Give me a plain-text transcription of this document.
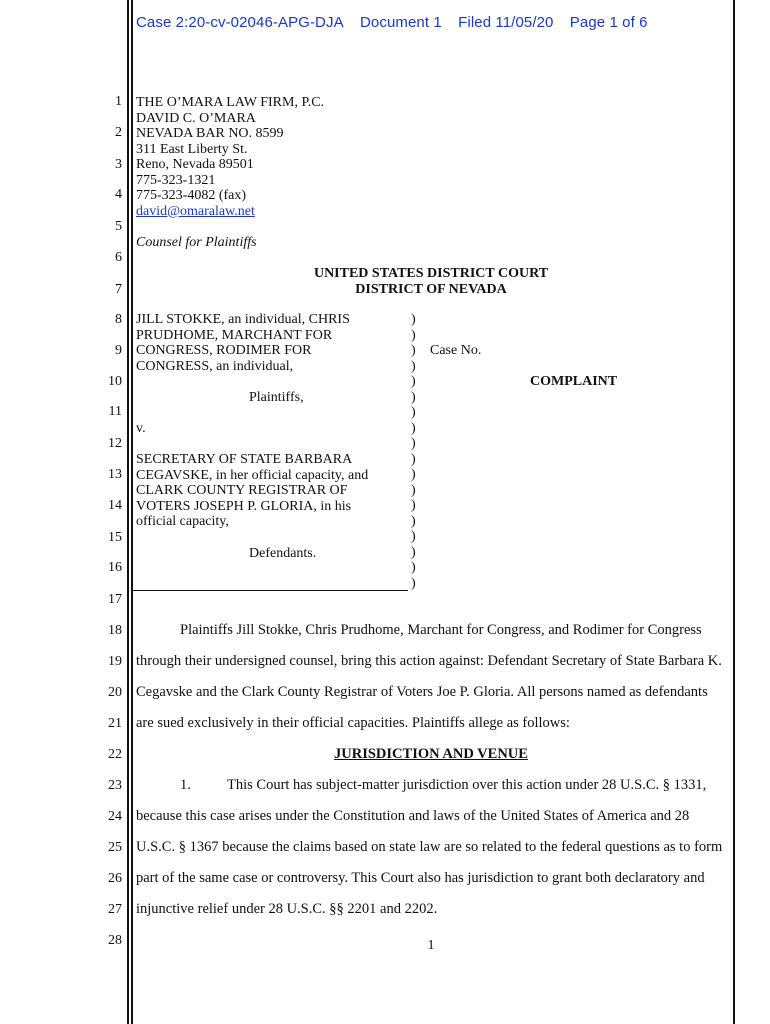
Case 2:20-cv-02046-APG-DJA Document 1 Filed 11/05/20 Page 1 of 6
1
2
3
4
5
6
7
8
9
10
11
12
13
14
15
16
17
18
19
20
21
22
23
24
25
26
27
28
THE O’MARA LAW FIRM, P.C.
DAVID C. O’MARA
NEVADA BAR NO. 8599
311 East Liberty St.
Reno, Nevada 89501
775-323-1321
775-323-4082 (fax)
david@omaralaw.net
Counsel for Plaintiffs
UNITED STATES DISTRICT COURT
DISTRICT OF NEVADA
JILL STOKKE, an individual, CHRIS
PRUDHOME, MARCHANT FOR
CONGRESS, RODIMER FOR
CONGRESS, an individual,
Plaintiffs,
v.
SECRETARY OF STATE BARBARA
CEGAVSKE, in her official capacity, and
CLARK COUNTY REGISTRAR OF
VOTERS JOSEPH P. GLORIA, in his
official capacity,
Defendants.
)
)
)
)
)
)
)
)
)
)
)
)
)
)
)
)
)
)
Case No.
COMPLAINT
Plaintiffs Jill Stokke, Chris Prudhome, Marchant for Congress, and Rodimer for Congress
through their undersigned counsel, bring this action against: Defendant Secretary of State Barbara K.
Cegavske and the Clark County Registrar of Voters Joe P. Gloria. All persons named as defendants
are sued exclusively in their official capacities. Plaintiffs allege as follows:
JURISDICTION AND VENUE
1. This Court has subject-matter jurisdiction over this action under 28 U.S.C. § 1331,
because this case arises under the Constitution and laws of the United States of America and 28
U.S.C. § 1367 because the claims based on state law are so related to the federal questions as to form
part of the same case or controversy. This Court also has jurisdiction to grant both declaratory and
injunctive relief under 28 U.S.C. §§ 2201 and 2202.
1
